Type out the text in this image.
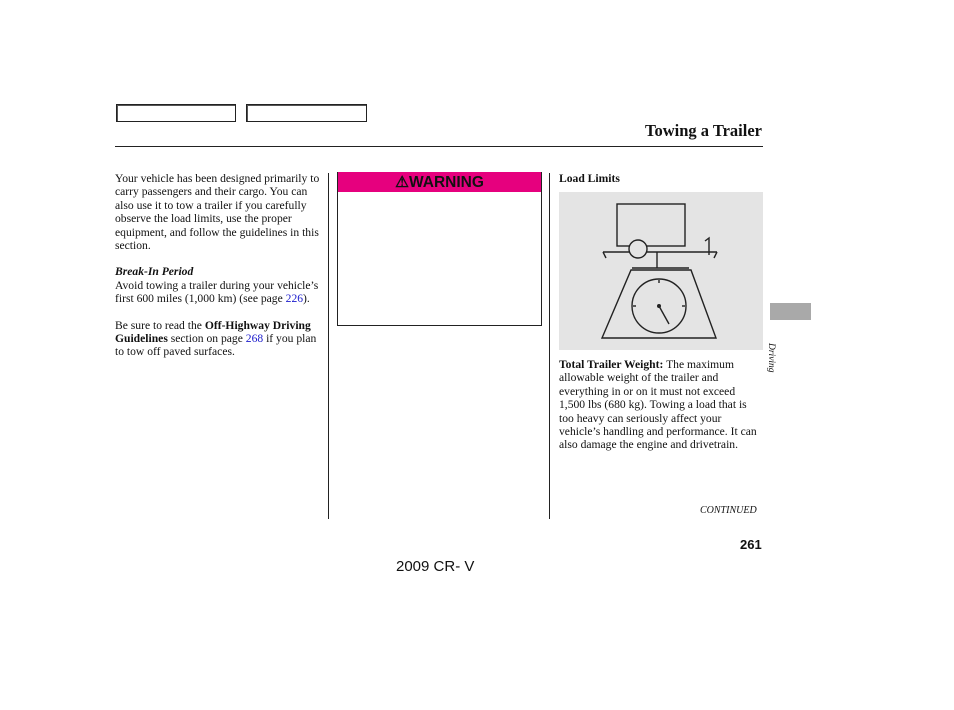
Towing a Trailer

Your vehicle has been designed primarily to carry passengers and their cargo. You can also use it to tow a trailer if you carefully observe the load limits, use the proper equipment, and follow the guidelines in this section.

Break-In Period

Avoid towing a trailer during your vehicle’s first 600 miles (1,000 km) (see page 226).

Be sure to read the Off-Highway Driving Guidelines section on page 268 if you plan to tow off paved surfaces.

⚠WARNING	Load Limits
Total Trailer Weight: The maximum allowable weight of the trailer and everything in or on it must not exceed 1,500 lbs (680 kg). Towing a load that is too heavy can seriously affect your vehicle’s handling and performance. It can also damage the engine and drivetrain.
Driving
CONTINUED
261
2009 CR- V
